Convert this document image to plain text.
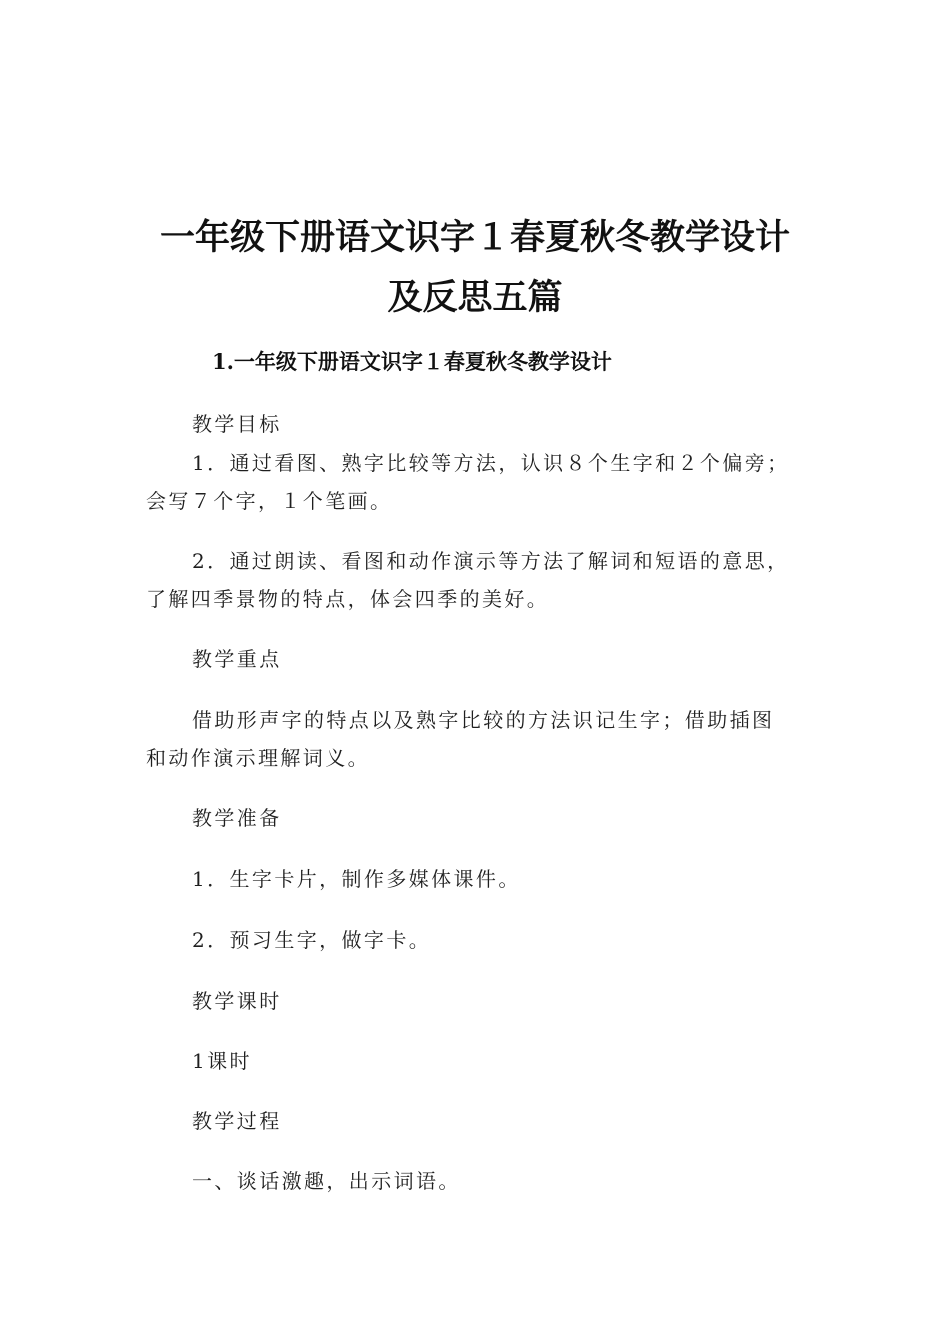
一年级下册语文识字１春夏秋冬教学设计
及反思五篇
1.一年级下册语文识字１春夏秋冬教学设计
教学目标
1．通过看图、熟字比较等方法，认识８个生字和２个偏旁；
会写７个字，１个笔画。
2．通过朗读、看图和动作演示等方法了解词和短语的意思，
了解四季景物的特点，体会四季的美好。
教学重点
借助形声字的特点以及熟字比较的方法识记生字；借助插图
和动作演示理解词义。
教学准备
1．生字卡片，制作多媒体课件。
2．预习生字，做字卡。
教学课时
1课时
教学过程
一、谈话激趣，出示词语。
